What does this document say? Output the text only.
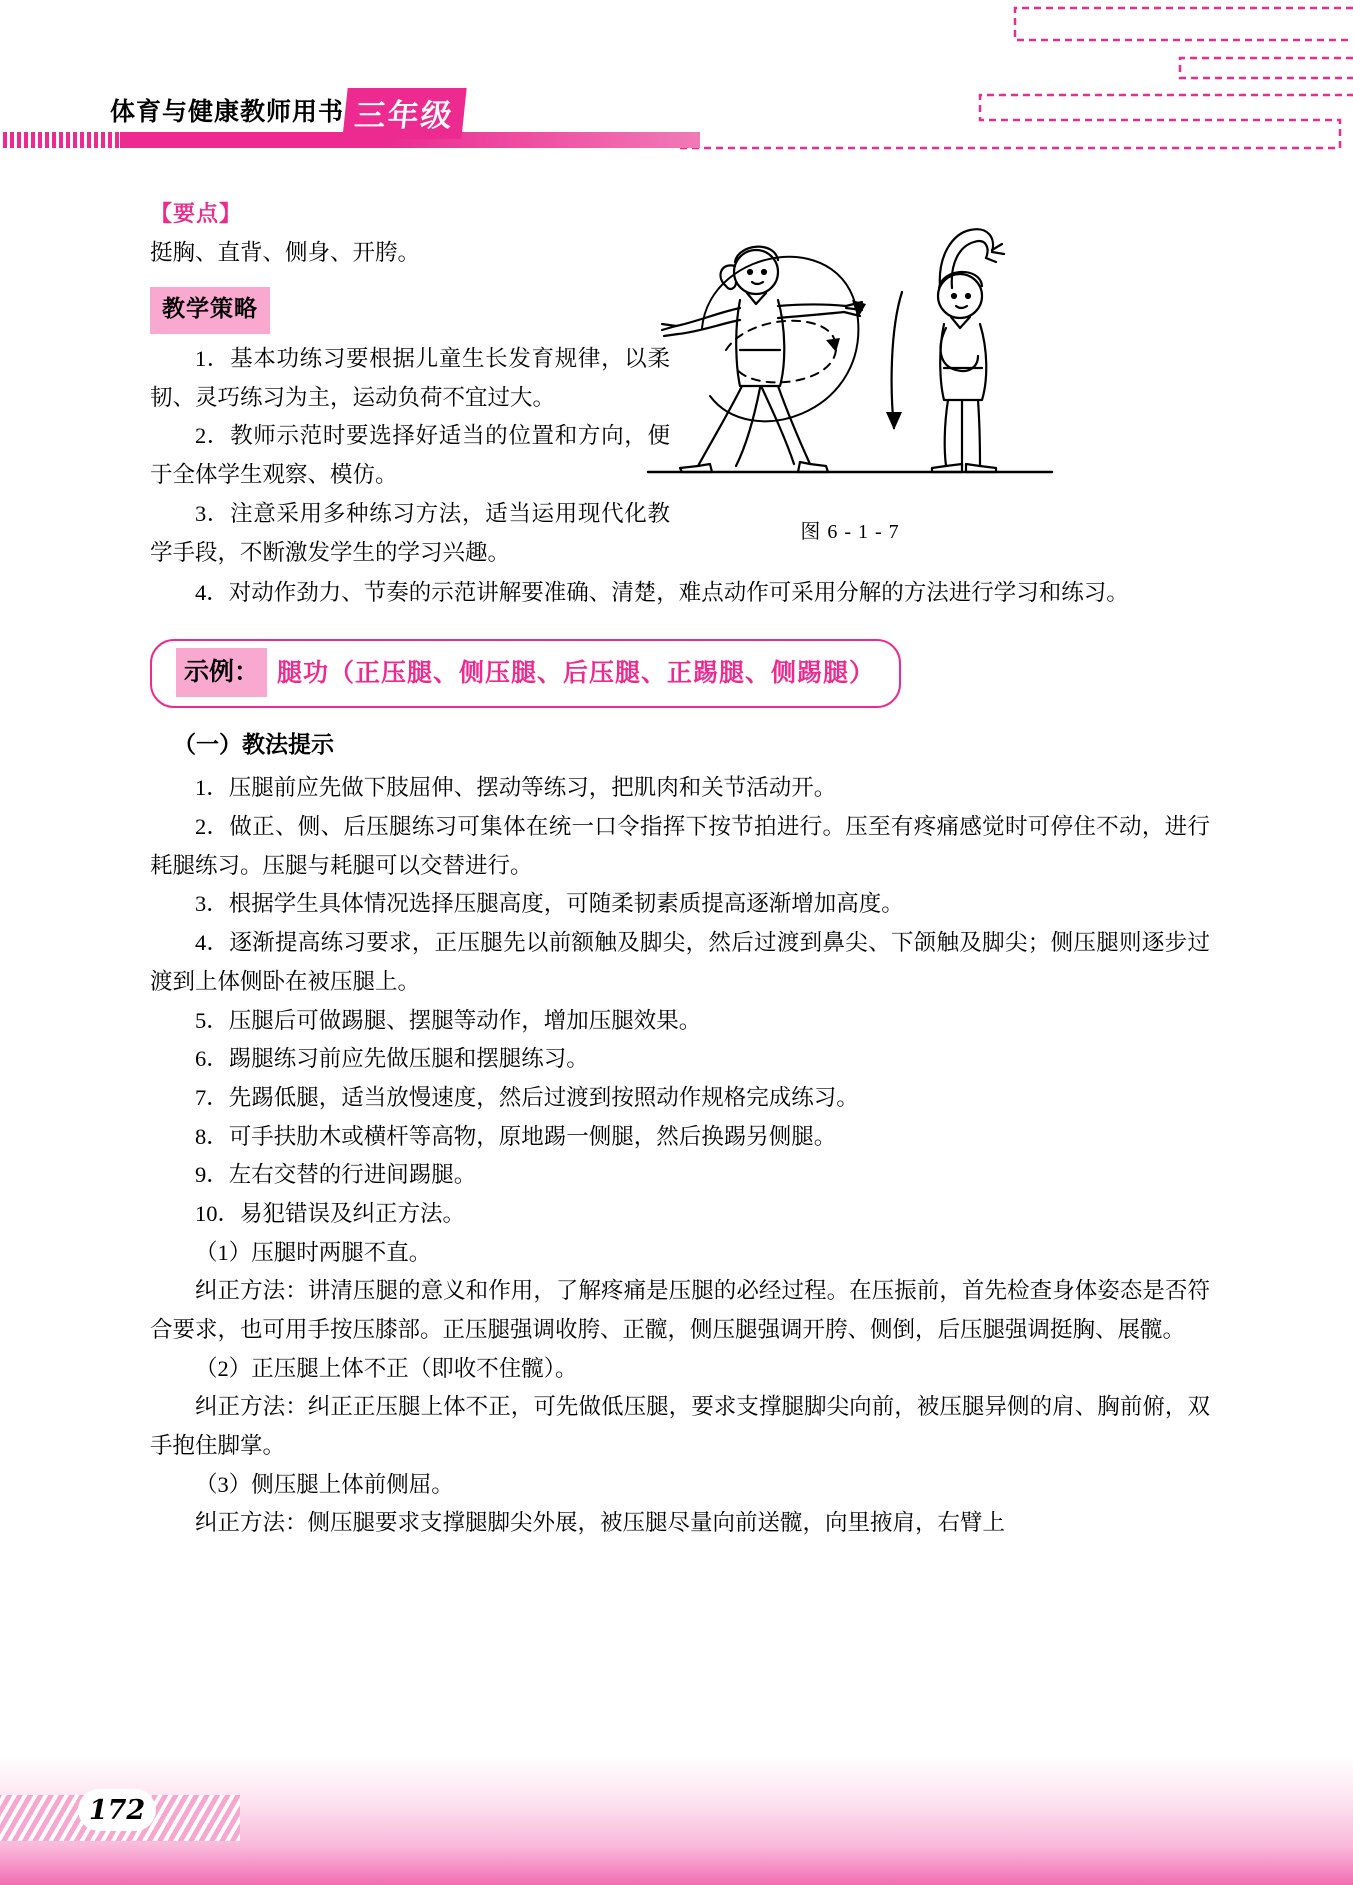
体育与健康教师用书 三年级
图 6 - 1 - 7
【要点】

挺胸、直背、侧身、开胯。

教学策略

1．基本功练习要根据儿童生长发育规律，以柔韧、灵巧练习为主，运动负荷不宜过大。

2．教师示范时要选择好适当的位置和方向，便于全体学生观察、模仿。

3．注意采用多种练习方法，适当运用现代化教学手段，不断激发学生的学习兴趣。

4．对动作劲力、节奏的示范讲解要准确、清楚，难点动作可采用分解的方法进行学习和练习。

示例： 腿功（正压腿、侧压腿、后压腿、正踢腿、侧踢腿）
（一）教法提示

1．压腿前应先做下肢屈伸、摆动等练习，把肌肉和关节活动开。

2．做正、侧、后压腿练习可集体在统一口令指挥下按节拍进行。压至有疼痛感觉时可停住不动，进行耗腿练习。压腿与耗腿可以交替进行。

3．根据学生具体情况选择压腿高度，可随柔韧素质提高逐渐增加高度。

4．逐渐提高练习要求，正压腿先以前额触及脚尖，然后过渡到鼻尖、下颌触及脚尖；侧压腿则逐步过渡到上体侧卧在被压腿上。

5．压腿后可做踢腿、摆腿等动作，增加压腿效果。

6．踢腿练习前应先做压腿和摆腿练习。

7．先踢低腿，适当放慢速度，然后过渡到按照动作规格完成练习。

8．可手扶肋木或横杆等高物，原地踢一侧腿，然后换踢另侧腿。

9．左右交替的行进间踢腿。

10．易犯错误及纠正方法。

（1）压腿时两腿不直。

纠正方法：讲清压腿的意义和作用，了解疼痛是压腿的必经过程。在压振前，首先检查身体姿态是否符合要求，也可用手按压膝部。正压腿强调收胯、正髋，侧压腿强调开胯、侧倒，后压腿强调挺胸、展髋。

（2）正压腿上体不正（即收不住髋）。

纠正方法：纠正正压腿上体不正，可先做低压腿，要求支撑腿脚尖向前，被压腿异侧的肩、胸前俯，双手抱住脚掌。

（3）侧压腿上体前侧屈。

纠正方法：侧压腿要求支撑腿脚尖外展，被压腿尽量向前送髋，向里掖肩，右臂上

172
